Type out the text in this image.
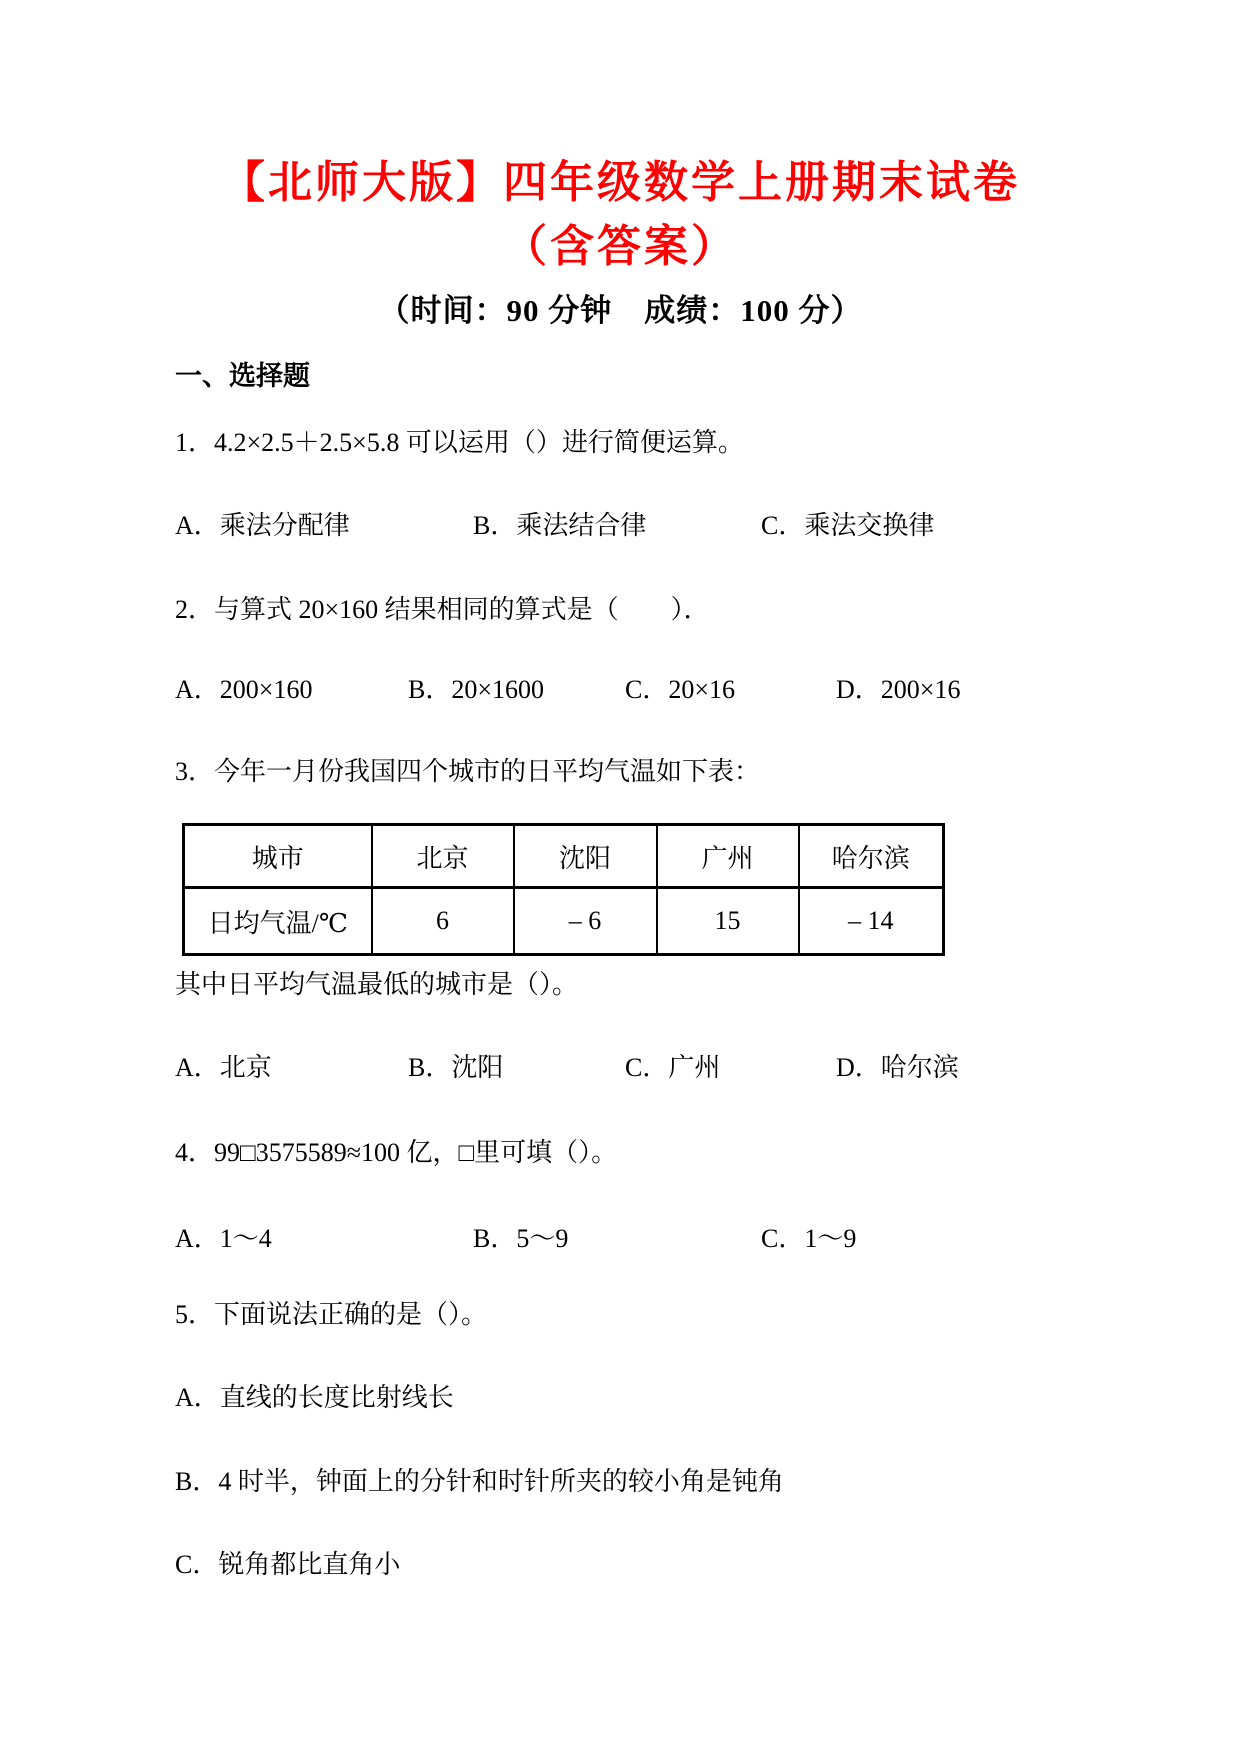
【北师大版】四年级数学上册期末试卷
（含答案）
（时间：90 分钟　成绩：100 分）
一、选择题
1．4.2×2.5＋2.5×5.8 可以运用（）进行简便运算。
A．乘法分配律	B．乘法结合律	C．乘法交换律
2．与算式 20×160 结果相同的算式是（　　）．
A．200×160	B．20×1600	C．20×16	D．200×16
3．今年一月份我国四个城市的日平均气温如下表：
城市	北京	沈阳	广州	哈尔滨
日均气温/℃	6	– 6	15	– 14
其中日平均气温最低的城市是（）。
A．北京	B．沈阳	C．广州	D．哈尔滨
4．99□3575589≈100 亿，□里可填（）。
A．1～4	B．5～9	C．1～9
5．下面说法正确的是（）。
A．直线的长度比射线长
B．4 时半，钟面上的分针和时针所夹的较小角是钝角
C．锐角都比直角小
